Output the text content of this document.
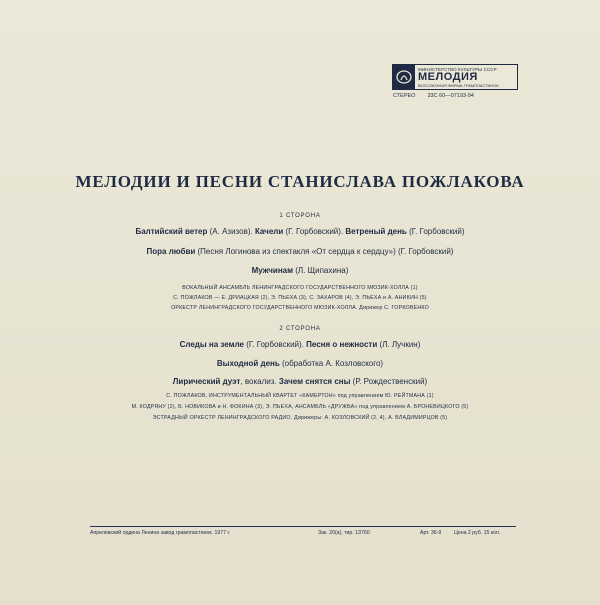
МИНИСТЕРСТВО КУЛЬТУРЫ СССР
МЕЛОДИЯ
ВСЕСОЮЗНАЯ ФИРМА ГРАМПЛАСТИНОК
СТЕРЕО 33С 60—07193-94
МЕЛОДИИ И ПЕСНИ СТАНИСЛАВА ПОЖЛАКОВА
1 СТОРОНА
Балтийский ветер (А. Азизов). Качели (Г. Горбовский). Ветреный день (Г. Горбовский)
Пора любви (Песня Логинова из спектакля «От сердца к сердцу») (Г. Горбовский)
Мужчинам (Л. Щипахина)
ВОКАЛЬНЫЙ АНСАМБЛЬ ЛЕНИНГРАДСКОГО ГОСУДАРСТВЕННОГО МЮЗИК-ХОЛЛА (1)
С. ПОЖЛАКОВ — Е. ДРИАЦКАЯ (2), Э. ПЬЕХА (3), С. ЗАХАРОВ (4), Э. ПЬЕХА и А. АНИКИН (5)
ОРКЕСТР ЛЕНИНГРАДСКОГО ГОСУДАРСТВЕННОГО МЮЗИК-ХОЛЛА. Дирижер С. ГОРКОВЕНКО
2 СТОРОНА
Следы на земле (Г. Горбовский). Песня о нежности (Л. Лучкин)
Выходной день (обработка А. Козловского)
Лирический дуэт, вокализ. Зачем снятся сны (Р. Рождественский)
С. ПОЖЛАКОВ, ИНСТРУМЕНТАЛЬНЫЙ КВАРТЕТ «КАМЕРТОН» под управлением Ю. РЕЙТМАНА (1)
М. КОДРЯНУ (2), Б. НОВИКОВА и Н. ФОКИНА (3), Э. ПЬЕХА, АНСАМБЛЬ «ДРУЖБА» под управлением А. БРОНЕВИЦКОГО (5)
ЭСТРАДНЫЙ ОРКЕСТР ЛЕНИНГРАДСКОГО РАДИО. Дирижеры: А. КОЗЛОВСКИЙ (2, 4), А. ВЛАДИМИРЦОВ (5)
Апрелевский ордена Ленина завод грампластинок. 1977 г.	Зак. 20(а), тир. 13760	Арт. 36-9 Цена 2 руб. 15 коп.
